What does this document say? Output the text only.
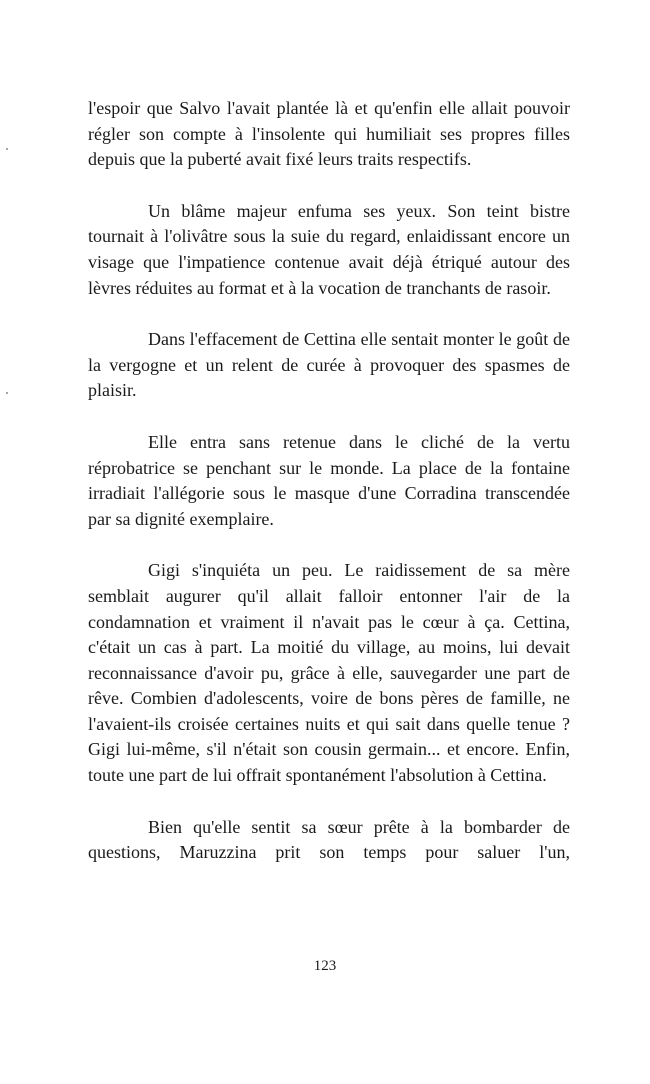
l'espoir que Salvo l'avait plantée là et qu'enfin elle allait pouvoir régler son compte à l'insolente qui humiliait ses propres filles depuis que la puberté avait fixé leurs traits respectifs.

Un blâme majeur enfuma ses yeux. Son teint bistre tournait à l'olivâtre sous la suie du regard, enlaidissant encore un visage que l'impatience contenue avait déjà étriqué autour des lèvres réduites au format et à la vocation de tranchants de rasoir.

Dans l'effacement de Cettina elle sentait monter le goût de la vergogne et un relent de curée à provoquer des spasmes de plaisir.

Elle entra sans retenue dans le cliché de la vertu réprobatrice se penchant sur le monde. La place de la fontaine irradiait l'allégorie sous le masque d'une Corradina transcendée par sa dignité exemplaire.

Gigi s'inquiéta un peu. Le raidissement de sa mère semblait augurer qu'il allait falloir entonner l'air de la condamnation et vraiment il n'avait pas le cœur à ça. Cettina, c'était un cas à part. La moitié du village, au moins, lui devait reconnaissance d'avoir pu, grâce à elle, sauvegarder une part de rêve. Combien d'adolescents, voire de bons pères de famille, ne l'avaient-ils croisée certaines nuits et qui sait dans quelle tenue ? Gigi lui-même, s'il n'était son cousin germain... et encore. Enfin, toute une part de lui offrait spontanément l'absolution à Cettina.

Bien qu'elle sentit sa sœur prête à la bombarder de questions, Maruzzina prit son temps pour saluer l'un,

123
